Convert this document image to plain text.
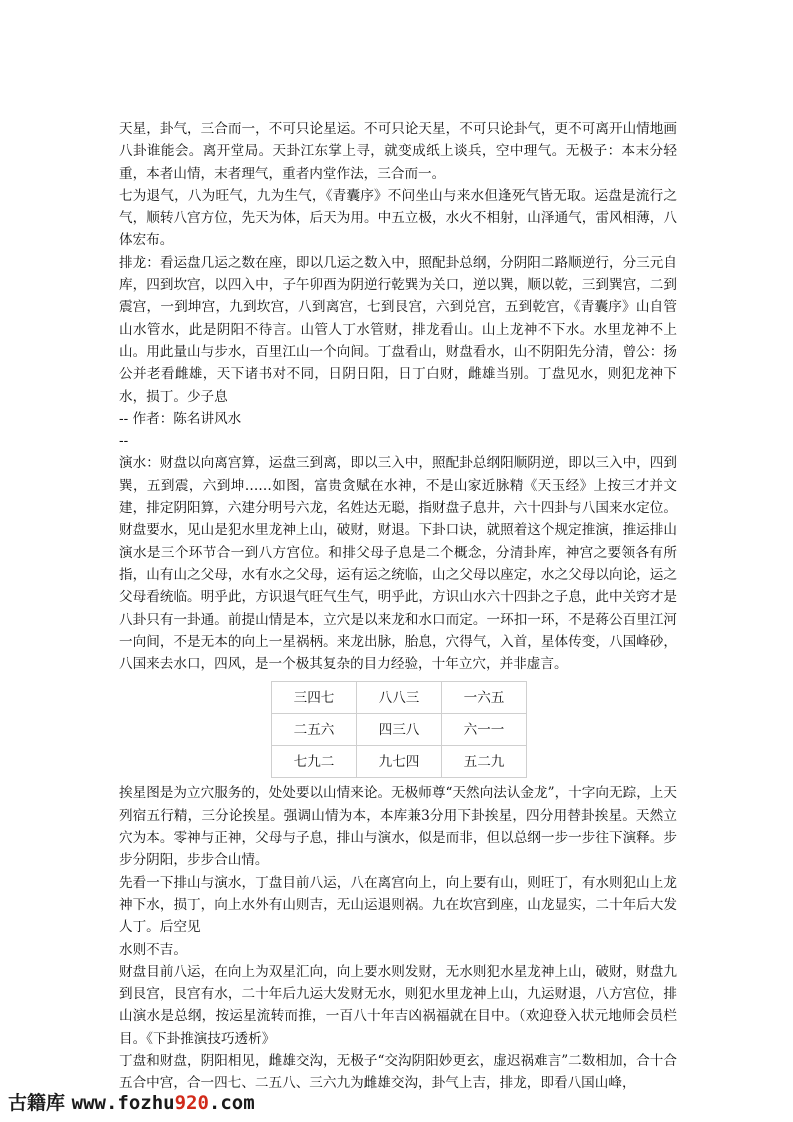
天星，卦气，三合而一，不可只论星运。不可只论天星，不可只论卦气，更不可离开山情地画八卦谁能会。离开堂局。天卦江东掌上寻，就变成纸上谈兵，空中理气。无极子：本末分轻重，本者山情，末者理气，重者内堂作法，三合而一。

七为退气，八为旺气，九为生气，《青囊序》不问坐山与来水但逢死气皆无取。运盘是流行之气，顺转八宫方位，先天为体，后天为用。中五立极，水火不相射，山泽通气，雷风相薄，八体宏布。

排龙：看运盘几运之数在座，即以几运之数入中，照配卦总纲，分阴阳二路顺逆行，分三元自库，四到坎宫，以四入中，子午卯酉为阴逆行乾巽为关口，逆以巽，顺以乾，三到巽宫，二到震宫，一到坤宫，九到坎宫，八到离宫，七到艮宫，六到兑宫，五到乾宫，《青囊序》山自管山水管水，此是阴阳不待言。山管人丁水管财，排龙看山。山上龙神不下水。水里龙神不上山。用此量山与步水，百里江山一个向间。丁盘看山，财盘看水，山不阴阳先分清，曾公：扬公并老看雌雄，天下诸书对不同，日阴日阳，日丁白财，雌雄当别。丁盘见水，则犯龙神下水，损丁。少子息

-- 作者：陈名讲风水

--

演水：财盘以向离宫算，运盘三到离，即以三入中，照配卦总纲阳顺阴逆，即以三入中，四到巽，五到震，六到坤……如图，富贵贪赋在水神，不是山家近脉精《天玉经》上按三才并文建，排定阴阳算，六建分明号六龙，名姓达无聪，指财盘子息井，六十四卦与八国来水定位。财盘要水，见山是犯水里龙神上山，破财，财退。下卦口诀，就照着这个规定推演，推运排山演水是三个环节合一到八方宫位。和排父母子息是二个概念，分清卦库，神宫之要领各有所指，山有山之父母，水有水之父母，运有运之统临，山之父母以座定，水之父母以向论，运之父母看统临。明乎此，方识退气旺气生气，明乎此，方识山水六十四卦之子息，此中关窍才是八卦只有一卦通。前提山情是本，立穴是以来龙和水口而定。一环扣一环，不是蒋公百里江河一向间，不是无本的向上一星祸柄。来龙出脉，胎息，穴得气，入首，星体传变，八国峰砂，八国来去水口，四风，是一个极其复杂的目力经验，十年立穴，并非虚言。

三四七	八八三	一六五
二五六	四三八	六一一
七九二	九七四	五二九

挨星图是为立穴服务的，处处要以山情来论。无极师尊“天然向法认金龙”，十字向无踪，上天列宿五行精，三分论挨星。强调山情为本，本库兼3分用下卦挨星，四分用替卦挨星。天然立穴为本。零神与正神，父母与子息，排山与演水，似是而非，但以总纲一步一步往下演释。步步分阴阳，步步合山情。

先看一下排山与演水，丁盘目前八运，八在离宫向上，向上要有山，则旺丁，有水则犯山上龙神下水，损丁，向上水外有山则吉，无山运退则祸。九在坎宫到座，山龙显实，二十年后大发人丁。后空见

水则不吉。

财盘目前八运，在向上为双星汇向，向上要水则发财，无水则犯水星龙神上山，破财，财盘九到艮宫，艮宫有水，二十年后九运大发财无水，则犯水里龙神上山，九运财退，八方宫位，排山演水是总纲，按运星流转而推，一百八十年吉凶祸福就在目中。（欢迎登入状元地师会员栏目。《下卦推演技巧透析》

丁盘和财盘，阴阳相见，雌雄交沟，无极子“交沟阴阳妙更玄，虚迟祸难言”二数相加，合十合五合中宫，合一四七、二五八、三六九为雌雄交沟，卦气上吉，排龙，即看八国山峰，

古籍库 www.fozhu920.com
